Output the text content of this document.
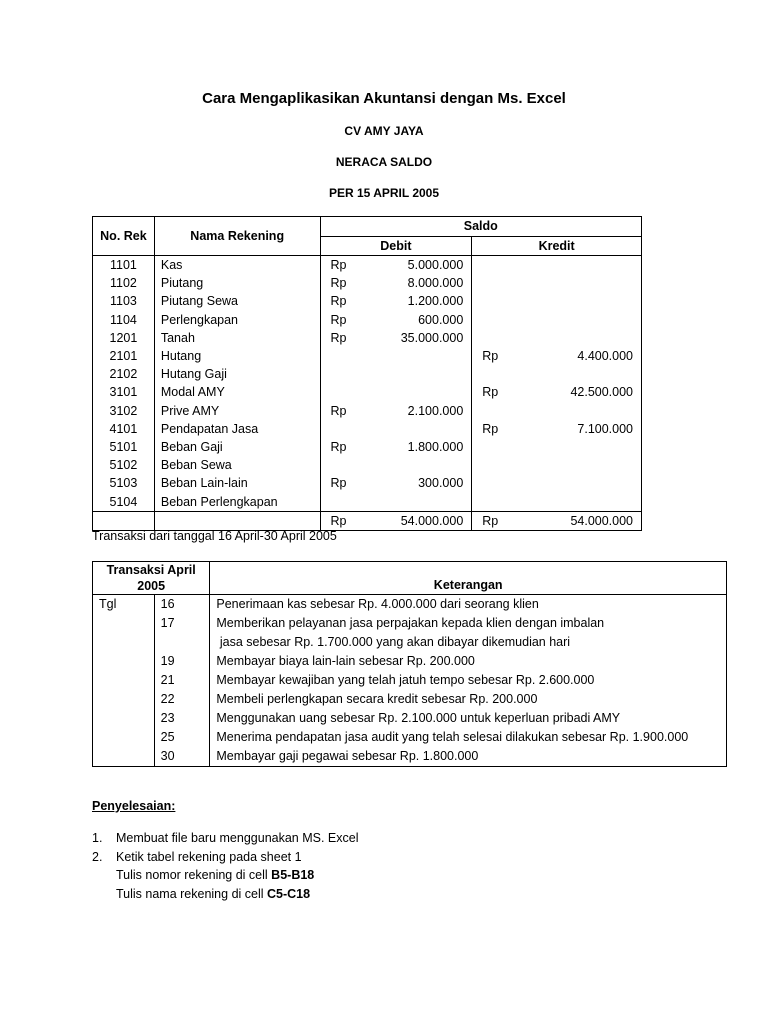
Cara Mengaplikasikan Akuntansi dengan Ms. Excel
CV AMY JAYA
NERACA SALDO
PER 15 APRIL 2005
No. Rek	Nama Rekening	Saldo			
		Debit		Kredit	
1101	Kas	Rp	5.000.000		
1102	Piutang	Rp	8.000.000		
1103	Piutang Sewa	Rp	1.200.000		
1104	Perlengkapan	Rp	600.000		
1201	Tanah	Rp	35.000.000		
2101	Hutang			Rp	4.400.000
2102	Hutang Gaji				
3101	Modal AMY			Rp	42.500.000
3102	Prive AMY	Rp	2.100.000		
4101	Pendapatan Jasa			Rp	7.100.000
5101	Beban Gaji	Rp	1.800.000		
5102	Beban Sewa				
5103	Beban Lain-lain	Rp	300.000		
5104	Beban Perlengkapan				
		Rp	54.000.000	Rp	54.000.000
Transaksi dari tanggal 16 April-30 April 2005
Transaksi April
2005		Keterangan
Tgl	16	Penerimaan kas sebesar Rp. 4.000.000 dari seorang klien
	17	Memberikan pelayanan jasa perpajakan kepada klien dengan imbalan
		jasa sebesar Rp. 1.700.000 yang akan dibayar dikemudian hari
	19	Membayar biaya lain-lain sebesar Rp. 200.000
	21	Membayar kewajiban yang telah jatuh tempo sebesar Rp. 2.600.000
	22	Membeli perlengkapan secara kredit sebesar Rp. 200.000
	23	Menggunakan uang sebesar Rp. 2.100.000 untuk keperluan pribadi AMY
	25	Menerima pendapatan jasa audit yang telah selesai dilakukan sebesar Rp. 1.900.000
	30	Membayar gaji pegawai sebesar Rp. 1.800.000
Penyelesaian:
1. Membuat file baru menggunakan MS. Excel
2. Ketik tabel rekening pada sheet 1
Tulis nomor rekening di cell B5-B18
Tulis nama rekening di cell C5-C18
